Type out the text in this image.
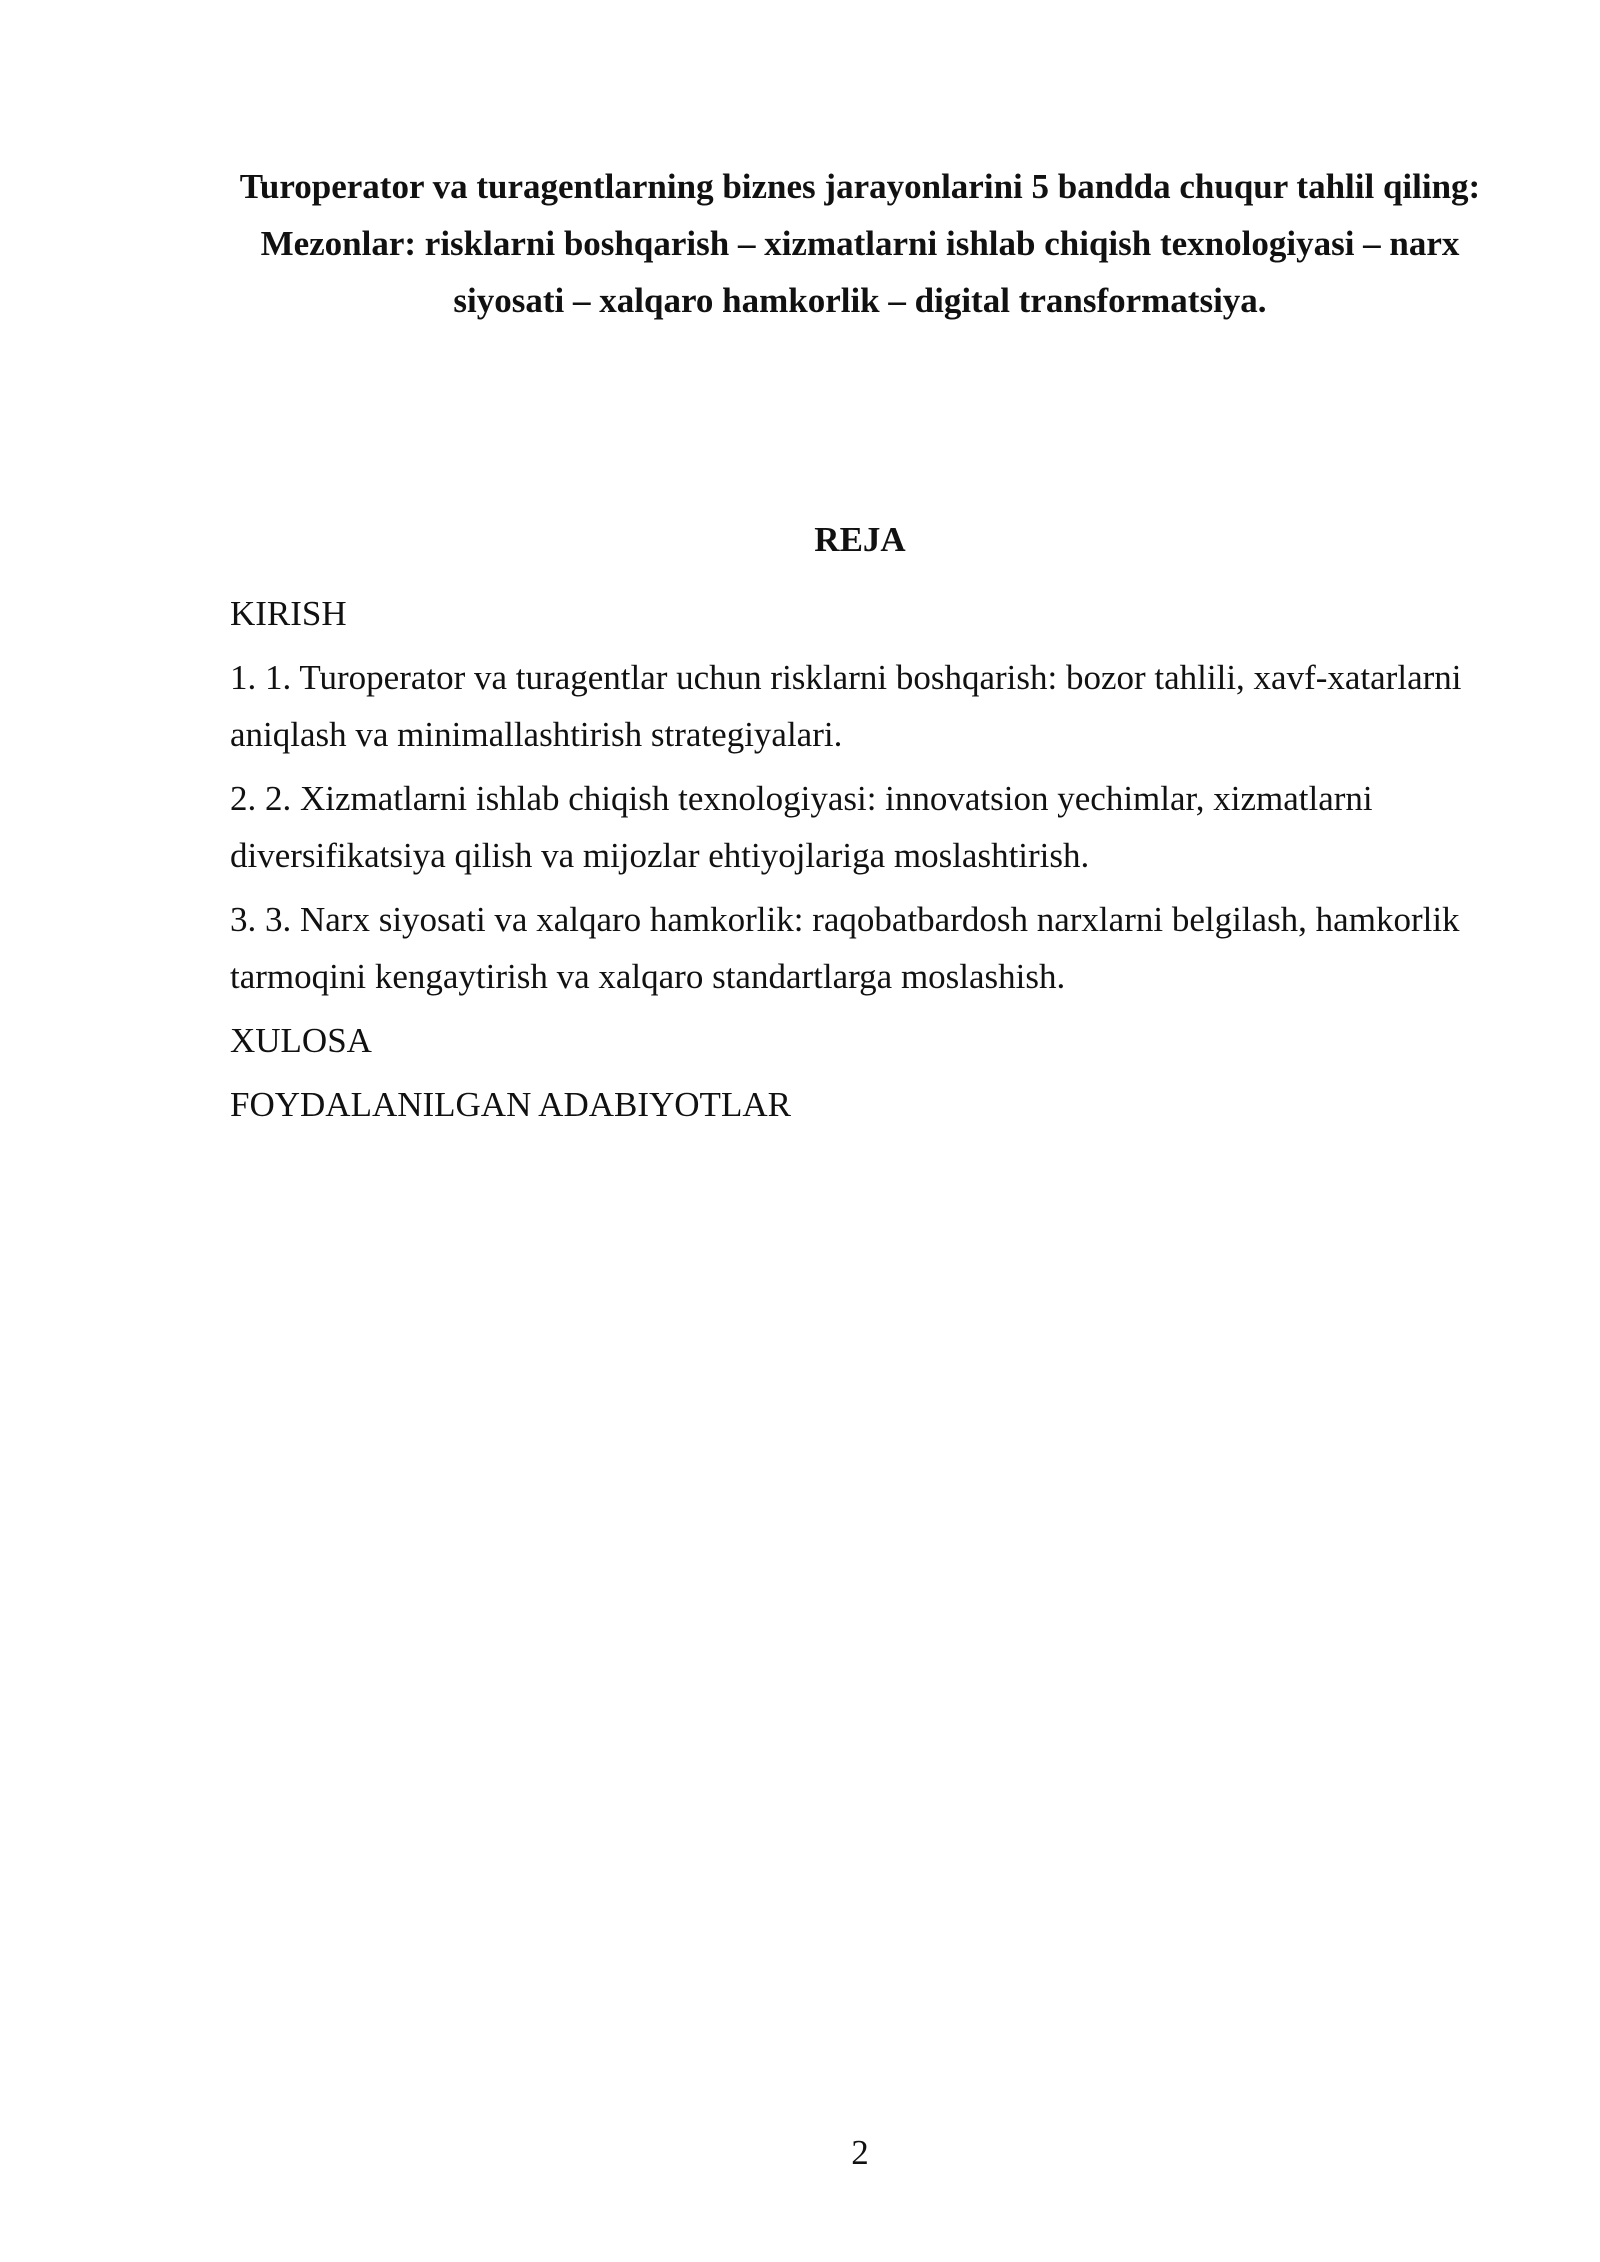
Turoperator va turagentlarning biznes jarayonlarini 5 bandda chuqur tahlil qiling:

Mezonlar: risklarni boshqarish – xizmatlarni ishlab chiqish texnologiyasi – narx siyosati – xalqaro hamkorlik – digital transformatsiya.

REJA

KIRISH

1. 1. Turoperator va turagentlar uchun risklarni boshqarish: bozor tahlili, xavf-xatarlarni aniqlash va minimallashtirish strategiyalari.

2. 2. Xizmatlarni ishlab chiqish texnologiyasi: innovatsion yechimlar, xizmatlarni diversifikatsiya qilish va mijozlar ehtiyojlariga moslashtirish.

3. 3. Narx siyosati va xalqaro hamkorlik: raqobatbardosh narxlarni belgilash, hamkorlik tarmoqini kengaytirish va xalqaro standartlarga moslashish.

XULOSA

FOYDALANILGAN ADABIYOTLAR

2
